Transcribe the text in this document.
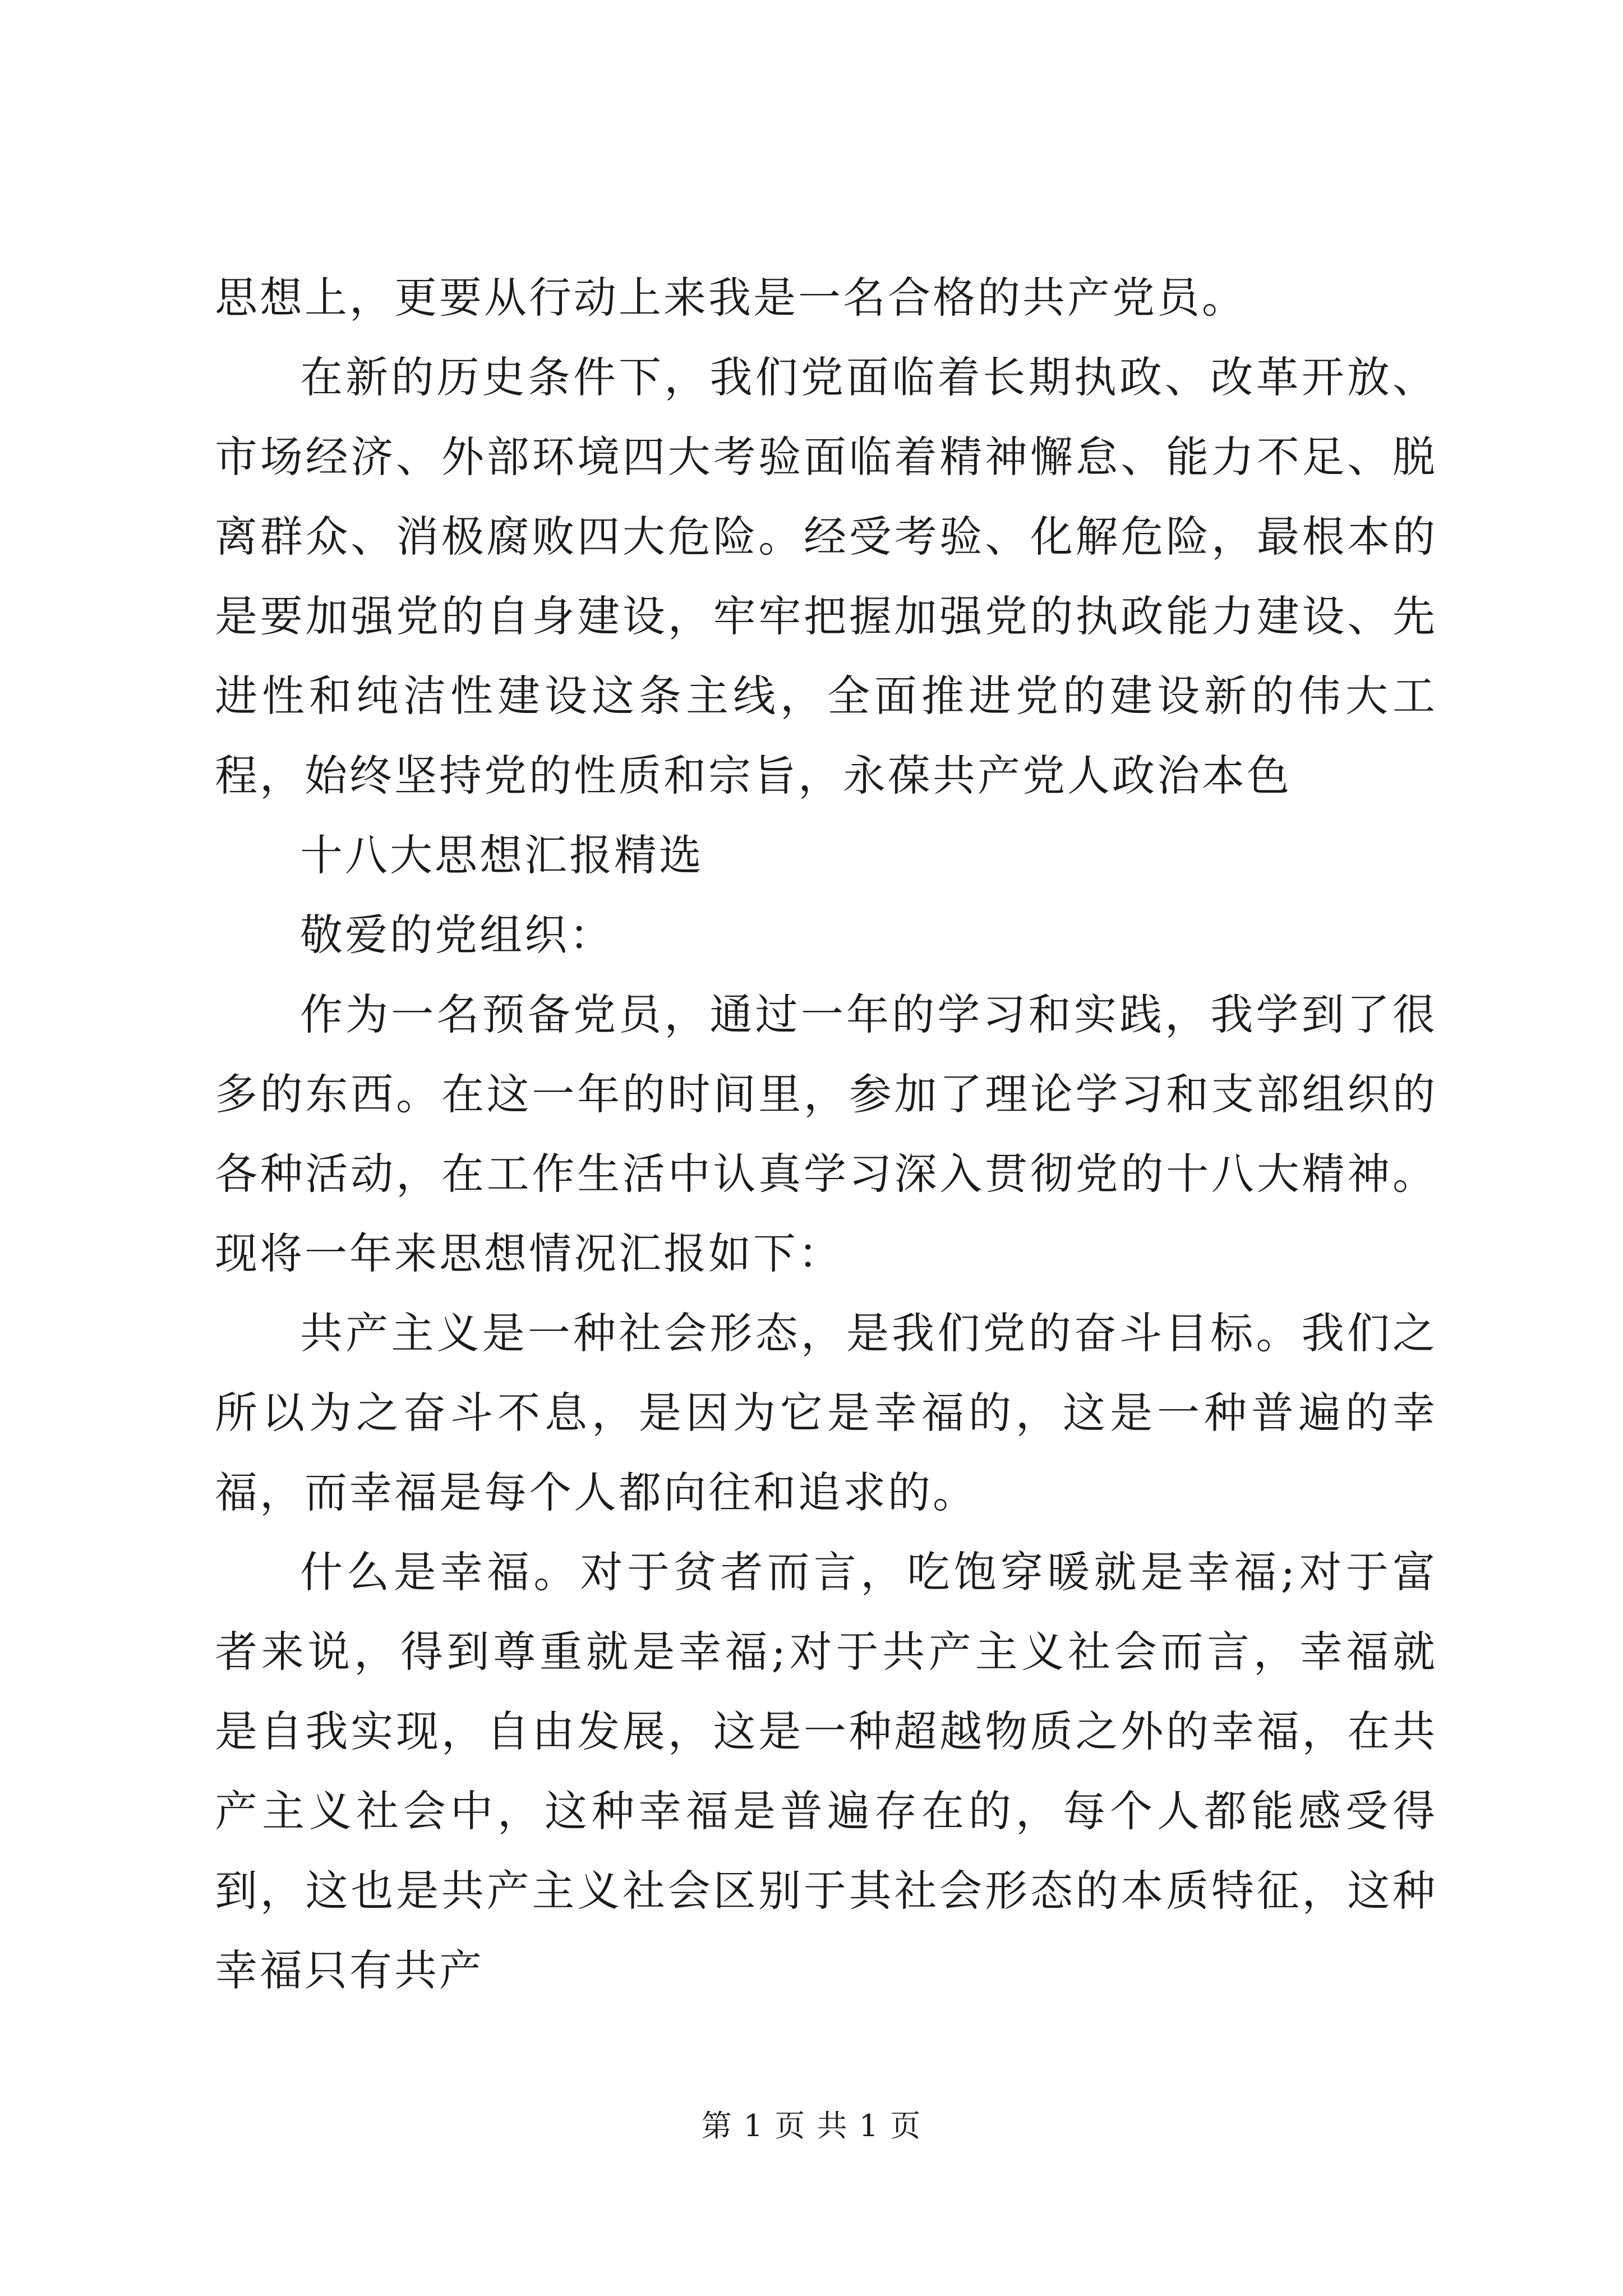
思想上，更要从行动上来我是一名合格的共产党员。

在新的历史条件下，我们党面临着长期执政、改革开放、市场经济、外部环境四大考验面临着精神懈怠、能力不足、脱离群众、消极腐败四大危险。经受考验、化解危险，最根本的是要加强党的自身建设，牢牢把握加强党的执政能力建设、先进性和纯洁性建设这条主线，全面推进党的建设新的伟大工程，始终坚持党的性质和宗旨，永葆共产党人政治本色

十八大思想汇报精选

敬爱的党组织：

作为一名预备党员，通过一年的学习和实践，我学到了很多的东西。在这一年的时间里，参加了理论学习和支部组织的各种活动，在工作生活中认真学习深入贯彻党的十八大精神。现将一年来思想情况汇报如下：

共产主义是一种社会形态，是我们党的奋斗目标。我们之所以为之奋斗不息，是因为它是幸福的，这是一种普遍的幸福，而幸福是每个人都向往和追求的。

什么是幸福。对于贫者而言，吃饱穿暖就是幸福;对于富者来说，得到尊重就是幸福;对于共产主义社会而言，幸福就是自我实现，自由发展，这是一种超越物质之外的幸福，在共产主义社会中，这种幸福是普遍存在的，每个人都能感受得到，这也是共产主义社会区别于其社会形态的本质特征，这种幸福只有共产

第 1 页 共 1 页
